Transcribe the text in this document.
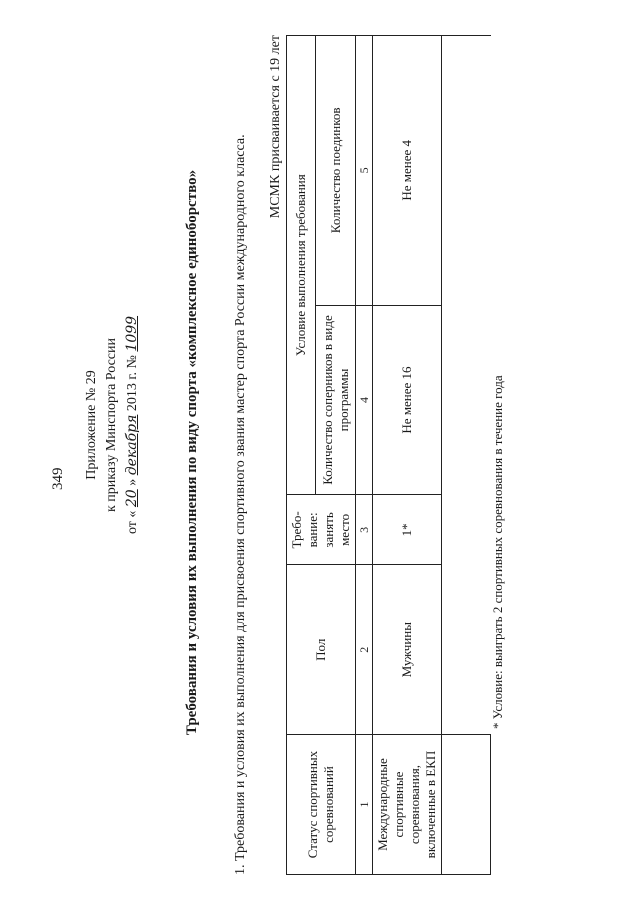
349 Приложение № 29 к приказу Минспорта России
от « 20 » декабря 2013 г. № 1099	Требования и условия их выполнения по виду спорта «комплексное единоборство» 1. Требования и условия их выполнения для присвоения спортивного звания мастер спорта России международного класса.
МСМК присваивается с 19 лет
Статус спортивных соревнований	Пол	Требо-вание: занять место	Условие выполнения требования	
			Количество соперников в виде программы	Количество поединков
1	2	3	4	5
Международные спортивные соревнования, включенные в ЕКП	Мужчины	1*	Не менее 16	Не менее 4

* Условие: выиграть 2 спортивных соревнования в течение года
